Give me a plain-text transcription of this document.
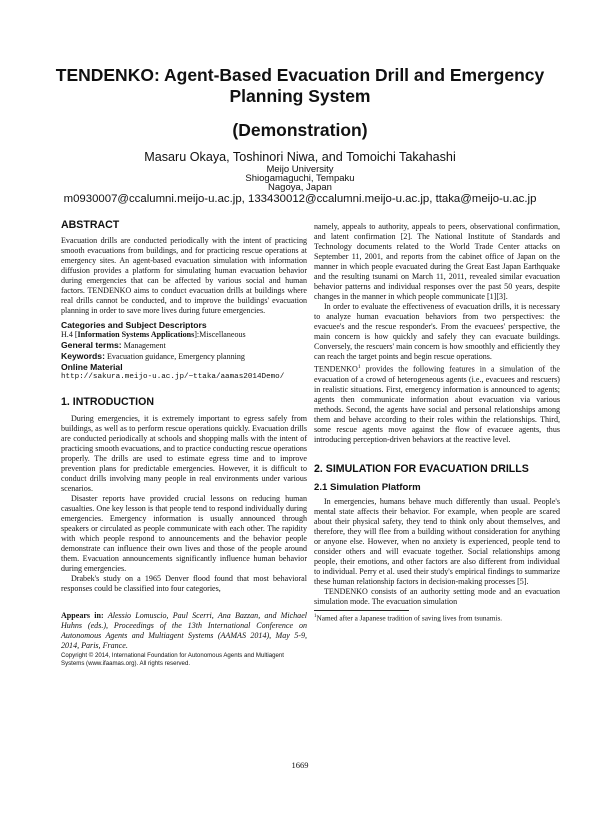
TENDENKO: Agent-Based Evacuation Drill and Emergency Planning System
(Demonstration)
Masaru Okaya, Toshinori Niwa, and Tomoichi Takahashi
Meijo University
Shiogamaguchi, Tempaku
Nagoya, Japan
m0930007@ccalumni.meijo-u.ac.jp, 133430012@ccalumni.meijo-u.ac.jp, ttaka@meijo-u.ac.jp
ABSTRACT

Evacuation drills are conducted periodically with the intent of practicing smooth evacuations from buildings, and for practicing rescue operations at emergency sites. An agent-based evacuation simulation with information diffusion provides a platform for simulating human evacuation behavior during emergencies that can be affected by various social and human factors. TENDENKO aims to conduct evacuation drills at buildings where real drills cannot be conducted, and to improve the buildings' evacuation planning in order to save more lives during future emergencies.

Categories and Subject Descriptors
H.4 [Information Systems Applications]:Miscellaneous
General terms: Management
Keywords: Evacuation guidance, Emergency planning
Online Material
http://sakura.meijo-u.ac.jp/~ttaka/aamas2014Demo/
1. INTRODUCTION

During emergencies, it is extremely important to egress safely from buildings, as well as to perform rescue operations quickly. Evacuation drills are conducted periodically at schools and shopping malls with the intent of practicing smooth evacuations, and to practice conducting rescue operations properly. The drills are used to estimate egress time and to improve prevention plans for predictable emergencies. However, it is difficult to conduct drills involving many people in real environments under various scenarios.

Disaster reports have provided crucial lessons on reducing human casualties. One key lesson is that people tend to respond individually during emergencies. Emergency information is usually announced through speakers or circulated as people communicate with each other. The rapidity with which people respond to announcements and the behavior people demonstrate can influence their own lives and those of the people around them. Evacuation announcements significantly influence human behavior during emergencies.

Drabek's study on a 1965 Denver flood found that most behavioral responses could be classified into four categories,

Appears in: Alessio Lomuscio, Paul Scerri, Ana Bazzan, and Michael Huhns (eds.), Proceedings of the 13th International Conference on Autonomous Agents and Multiagent Systems (AAMAS 2014), May 5-9, 2014, Paris, France.
Copyright © 2014, International Foundation for Autonomous Agents and Multiagent Systems (www.ifaamas.org). All rights reserved.

namely, appeals to authority, appeals to peers, observational confirmation, and latent confirmation [2]. The National Institute of Standards and Technology documents related to the World Trade Center attacks on September 11, 2001, and reports from the cabinet office of Japan on the manner in which people evacuated during the Great East Japan Earthquake and the resulting tsunami on March 11, 2011, revealed similar evacuation behavior patterns and individual responses over the past 50 years, despite changes in the manner in which people communicate [1][3].

In order to evaluate the effectiveness of evacuation drills, it is necessary to analyze human evacuation behaviors from two perspectives: the evacuee's and the rescue responder's. From the evacuees' perspective, the main concern is how quickly and safely they can evacuate buildings. Conversely, the rescuers' main concern is how smoothly and efficiently they can reach the target points and begin rescue operations.

TENDENKO$^1$ provides the following features in a simulation of the evacuation of a crowd of heterogeneous agents (i.e., evacuees and rescuers) in realistic situations. First, emergency information is announced to agents; agents then communicate information about evacuation via various methods. Second, the agents have social and personal relationships among them and behave according to their roles within the relationships. Third, some rescue agents move against the flow of evacuee agents, thus introducing perception-driven behaviors at the reactive level.

2. SIMULATION FOR EVACUATION DRILLS
2.1 Simulation Platform

In emergencies, humans behave much differently than usual. People's mental state affects their behavior. For example, when people are scared about their physical safety, they tend to think only about themselves, and therefore, they will flee from a building without consideration for anything or anyone else. However, when no anxiety is experienced, people tend to consider others and will evacuate together. Social relationships among people, their emotions, and other factors are also different from individual to individual. Perry et al. used their study's empirical findings to summarize these human relationship factors in decision-making processes [5].

TENDENKO consists of an authority setting mode and an evacuation simulation mode. The evacuation simulation

$^1$Named after a Japanese tradition of saving lives from tsunamis.
1669
